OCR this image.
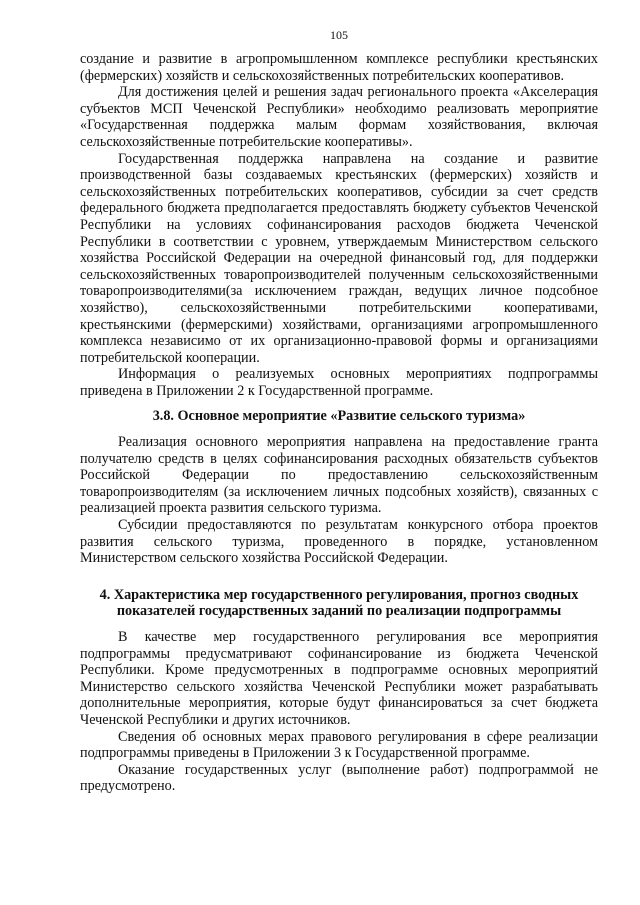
105

создание и развитие в агропромышленном комплексе республики крестьянских (фермерских) хозяйств и сельскохозяйственных потребительских кооперативов.

Для достижения целей и решения задач регионального проекта «Акселерация субъектов МСП Чеченской Республики» необходимо реализовать мероприятие «Государственная поддержка малым формам хозяйствования, включая сельскохозяйственные потребительские кооперативы».

Государственная поддержка направлена на создание и развитие производственной базы создаваемых крестьянских (фермерских) хозяйств и сельскохозяйственных потребительских кооперативов, субсидии за счет средств федерального бюджета предполагается предоставлять бюджету субъектов Чеченской Республики на условиях софинансирования расходов бюджета Чеченской Республики в соответствии с уровнем, утверждаемым Министерством сельского хозяйства Российской Федерации на очередной финансовый год, для поддержки сельскохозяйственных товаропроизводителей полученным сельскохозяйственными товаропроизводителями(за исключением граждан, ведущих личное подсобное хозяйство), сельскохозяйственными потребительскими кооперативами, крестьянскими (фермерскими) хозяйствами, организациями агропромышленного комплекса независимо от их организационно-правовой формы и организациями потребительской кооперации.

Информация о реализуемых основных мероприятиях подпрограммы приведена в Приложении 2 к Государственной программе.

3.8. Основное мероприятие «Развитие сельского туризма»

Реализация основного мероприятия направлена на предоставление гранта получателю средств в целях софинансирования расходных обязательств субъектов Российской Федерации по предоставлению сельскохозяйственным товаропроизводителям (за исключением личных подсобных хозяйств), связанных с реализацией проекта развития сельского туризма.

Субсидии предоставляются по результатам конкурсного отбора проектов развития сельского туризма, проведенного в порядке, установленном Министерством сельского хозяйства Российской Федерации.

4. Характеристика мер государственного регулирования, прогноз сводных показателей государственных заданий по реализации подпрограммы

В качестве мер государственного регулирования все мероприятия подпрограммы предусматривают софинансирование из бюджета Чеченской Республики. Кроме предусмотренных в подпрограмме основных мероприятий Министерство сельского хозяйства Чеченской Республики может разрабатывать дополнительные мероприятия, которые будут финансироваться за счет бюджета Чеченской Республики и других источников.

Сведения об основных мерах правового регулирования в сфере реализации подпрограммы приведены в Приложении 3 к Государственной программе.

Оказание государственных услуг (выполнение работ) подпрограммой не предусмотрено.
